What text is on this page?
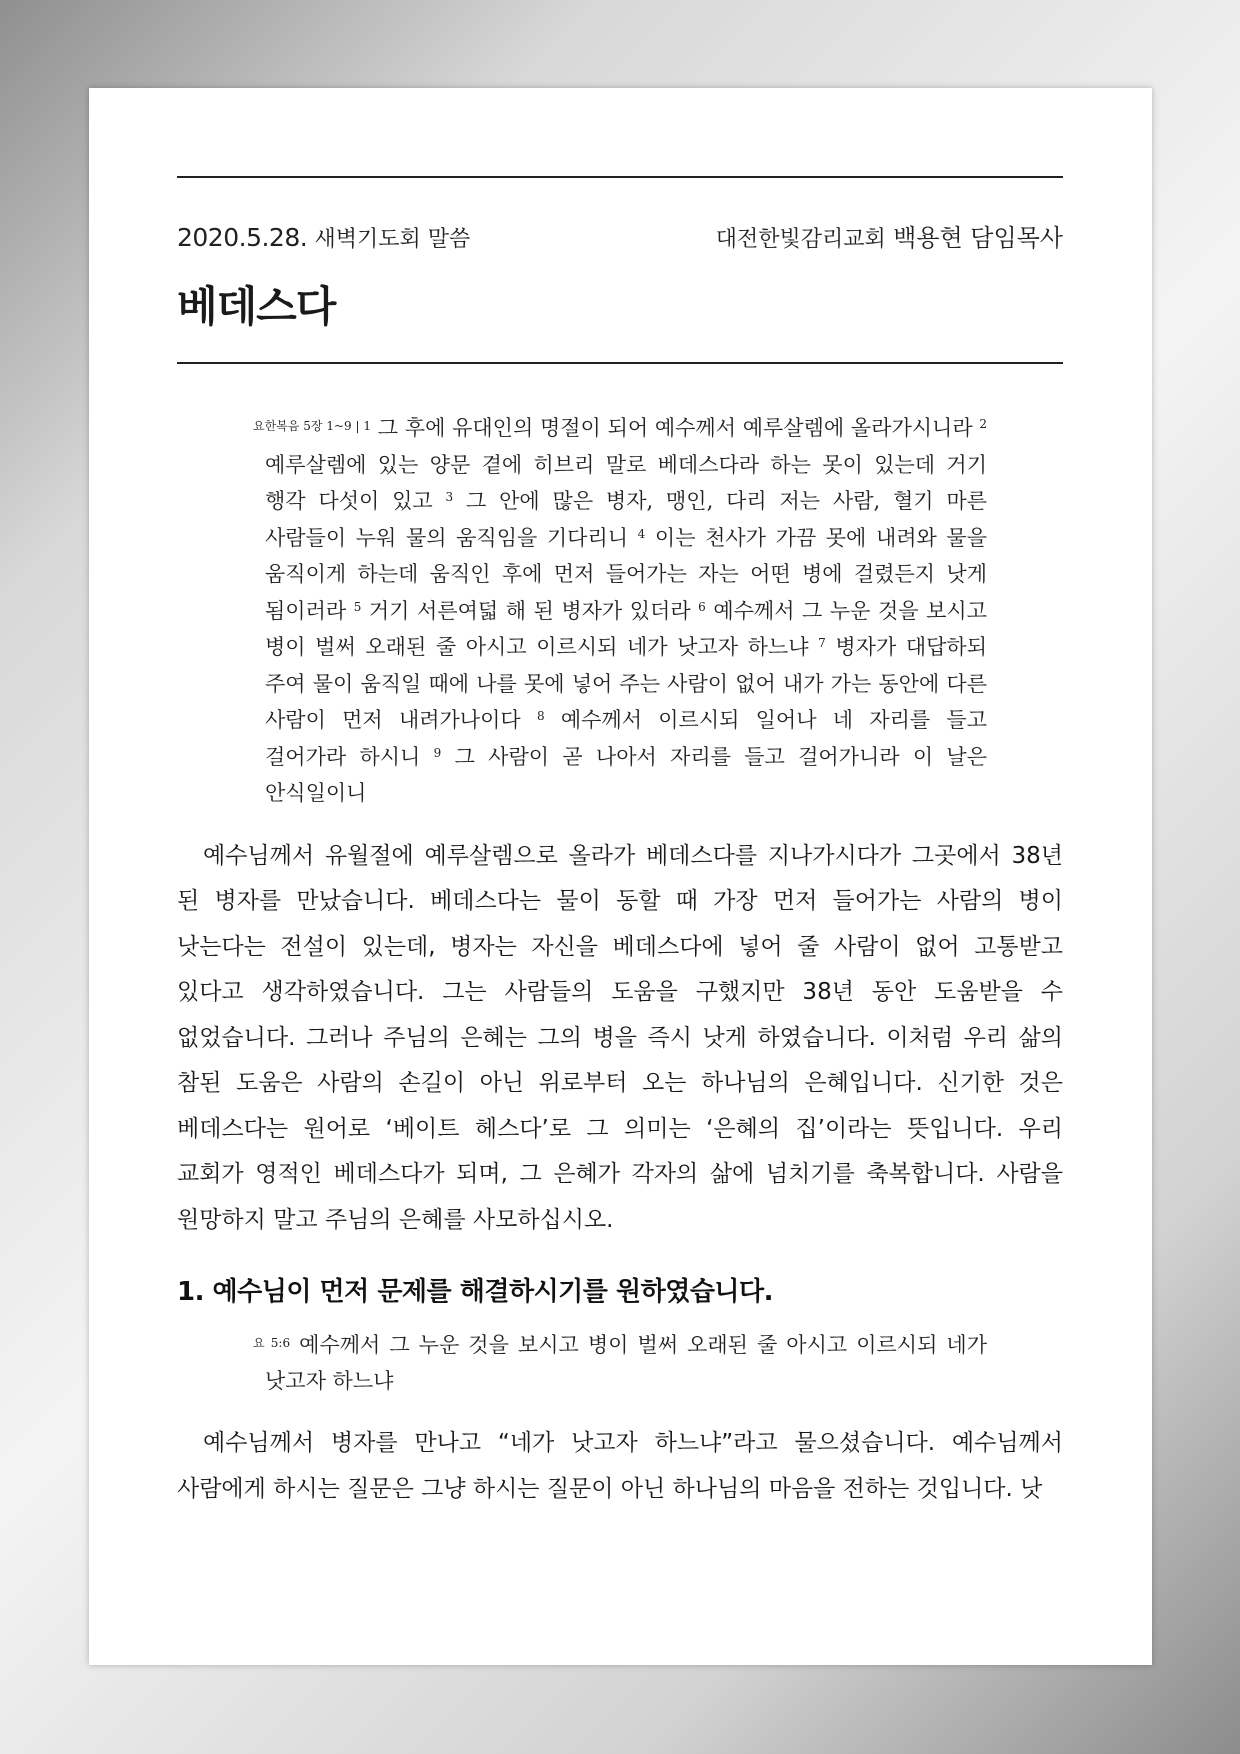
2020.5.28. 새벽기도회 말씀	대전한빛감리교회 백용현 담임목사
베데스다

$^{요한복음 5장 1\sim 9 | 1}$ 그 후에 유대인의 명절이 되어 예수께서 예루살렘에 올라가시니라 $^2$ 예루살렘에 있는 양문 곁에 히브리 말로 베데스다라 하는 못이 있는데 거기 행각 다섯이 있고 $^3$ 그 안에 많은 병자, 맹인, 다리 저는 사람, 혈기 마른 사람들이 누워 물의 움직임을 기다리니 $^4$ 이는 천사가 가끔 못에 내려와 물을 움직이게 하는데 움직인 후에 먼저 들어가는 자는 어떤 병에 걸렸든지 낫게 됨이러라 $^5$ 거기 서른여덟 해 된 병자가 있더라 $^6$ 예수께서 그 누운 것을 보시고 병이 벌써 오래된 줄 아시고 이르시되 네가 낫고자 하느냐 $^7$ 병자가 대답하되 주여 물이 움직일 때에 나를 못에 넣어 주는 사람이 없어 내가 가는 동안에 다른 사람이 먼저 내려가나이다 $^8$ 예수께서 이르시되 일어나 네 자리를 들고 걸어가라 하시니 $^9$ 그 사람이 곧 나아서 자리를 들고 걸어가니라 이 날은 안식일이니

예수님께서 유월절에 예루살렘으로 올라가 베데스다를 지나가시다가 그곳에서 38년 된 병자를 만났습니다. 베데스다는 물이 동할 때 가장 먼저 들어가는 사람의 병이 낫는다는 전설이 있는데, 병자는 자신을 베데스다에 넣어 줄 사람이 없어 고통받고 있다고 생각하였습니다. 그는 사람들의 도움을 구했지만 38년 동안 도움받을 수 없었습니다. 그러나 주님의 은혜는 그의 병을 즉시 낫게 하였습니다. 이처럼 우리 삶의 참된 도움은 사람의 손길이 아닌 위로부터 오는 하나님의 은혜입니다. 신기한 것은 베데스다는 원어로 ‘베이트 헤스다’로 그 의미는 ‘은혜의 집’이라는 뜻입니다. 우리 교회가 영적인 베데스다가 되며, 그 은혜가 각자의 삶에 넘치기를 축복합니다. 사람을 원망하지 말고 주님의 은혜를 사모하십시오.

1. 예수님이 먼저 문제를 해결하시기를 원하였습니다.

$^{요 5:6}$ 예수께서 그 누운 것을 보시고 병이 벌써 오래된 줄 아시고 이르시되 네가 낫고자 하느냐

예수님께서 병자를 만나고 “네가 낫고자 하느냐”라고 물으셨습니다. 예수님께서 사람에게 하시는 질문은 그냥 하시는 질문이 아닌 하나님의 마음을 전하는 것입니다. 낫
